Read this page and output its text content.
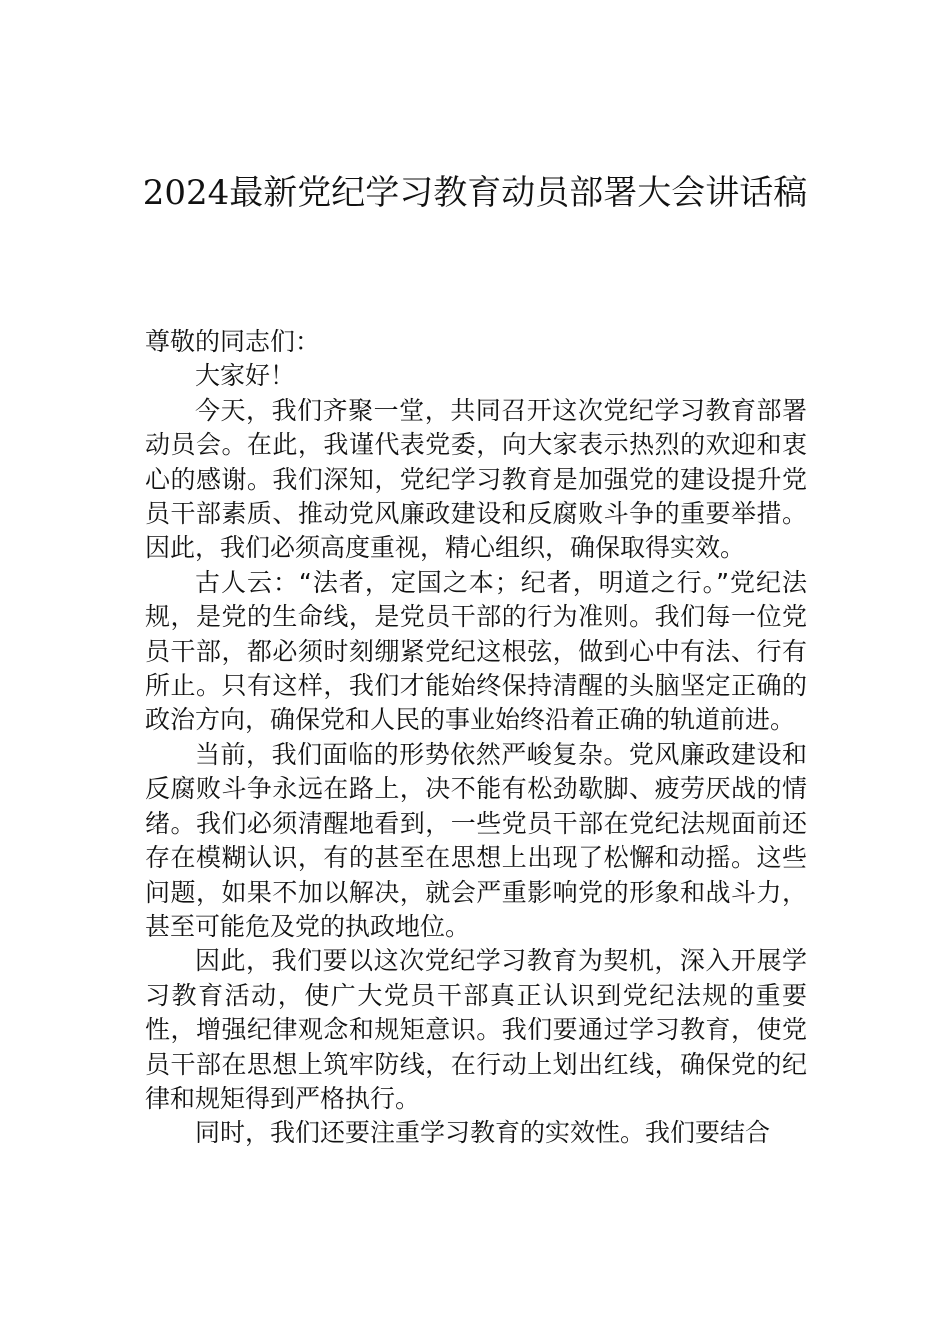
2024最新党纪学习教育动员部署大会讲话稿

尊敬的同志们：

大家好！

今天，我们齐聚一堂，共同召开这次党纪学习教育部署动员会。在此，我谨代表党委，向大家表示热烈的欢迎和衷心的感谢。我们深知，党纪学习教育是加强党的建设提升党员干部素质、推动党风廉政建设和反腐败斗争的重要举措。因此，我们必须高度重视，精心组织，确保取得实效。

古人云：“法者，定国之本；纪者，明道之行。”党纪法规，是党的生命线，是党员干部的行为准则。我们每一位党员干部，都必须时刻绷紧党纪这根弦，做到心中有法、行有所止。只有这样，我们才能始终保持清醒的头脑坚定正确的政治方向，确保党和人民的事业始终沿着正确的轨道前进。

当前，我们面临的形势依然严峻复杂。党风廉政建设和反腐败斗争永远在路上，决不能有松劲歇脚、疲劳厌战的情绪。我们必须清醒地看到，一些党员干部在党纪法规面前还存在模糊认识，有的甚至在思想上出现了松懈和动摇。这些问题，如果不加以解决，就会严重影响党的形象和战斗力，甚至可能危及党的执政地位。

因此，我们要以这次党纪学习教育为契机，深入开展学习教育活动，使广大党员干部真正认识到党纪法规的重要性，增强纪律观念和规矩意识。我们要通过学习教育，使党员干部在思想上筑牢防线，在行动上划出红线，确保党的纪律和规矩得到严格执行。

同时，我们还要注重学习教育的实效性。我们要结合
